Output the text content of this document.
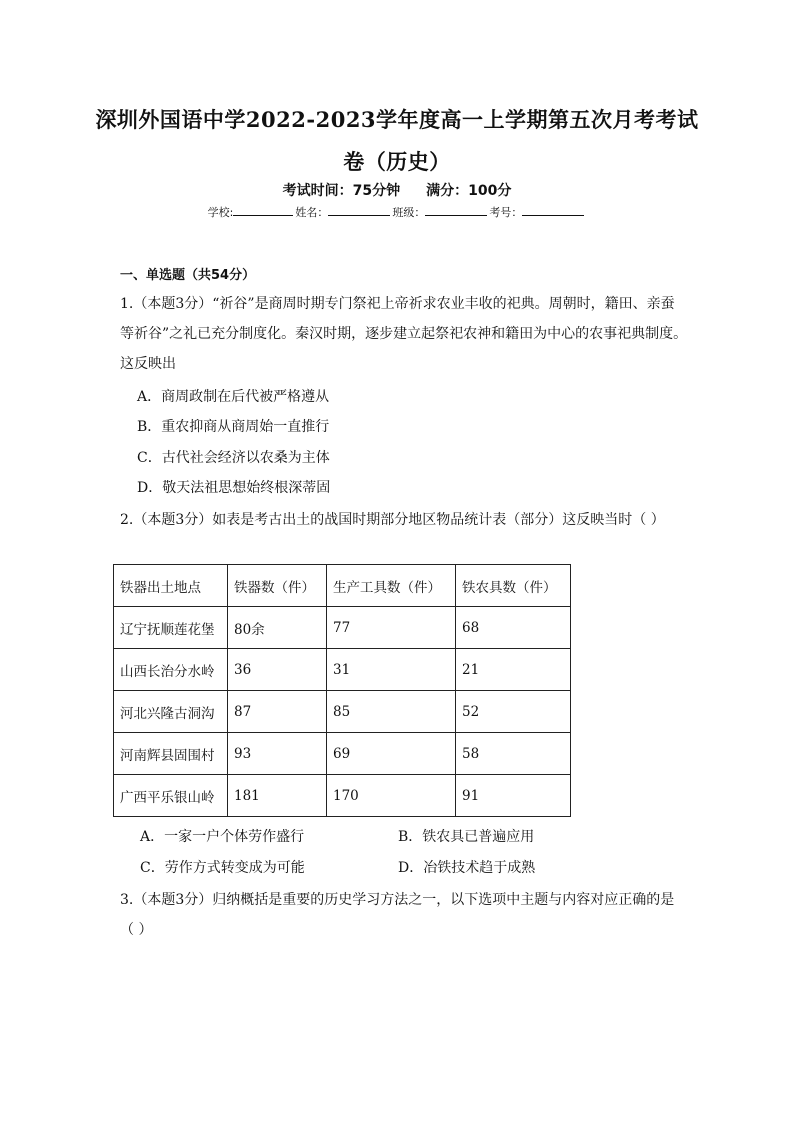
深圳外国语中学2022-2023学年度高一上学期第五次月考考试
卷（历史）
考试时间：75分钟 满分：100分
学校:	姓名：	班级：	考号：
一、单选题（共54分）
1.（本题3分）“祈谷”是商周时期专门祭祀上帝祈求农业丰收的祀典。周朝时，籍田、亲蚕
等祈谷”之礼已充分制度化。秦汉时期，逐步建立起祭祀农神和籍田为中心的农事祀典制度。
这反映出
A．商周政制在后代被严格遵从
B．重农抑商从商周始一直推行
C．古代社会经济以农桑为主体
D．敬天法祖思想始终根深蒂固
2.（本题3分）如表是考古出土的战国时期部分地区物品统计表（部分）这反映当时（ ）
铁器出土地点	铁器数（件）	生产工具数（件）	铁农具数（件）
辽宁抚顺莲花堡	80余	77	68
山西长治分水岭	36	31	21
河北兴隆古洞沟	87	85	52
河南辉县固围村	93	69	58
广西平乐银山岭	181	170	91
A．一家一户个体劳作盛行	B．铁农具已普遍应用
C．劳作方式转变成为可能	D．冶铁技术趋于成熟
3.（本题3分）归纳概括是重要的历史学习方法之一，以下选项中主题与内容对应正确的是
（ ）
